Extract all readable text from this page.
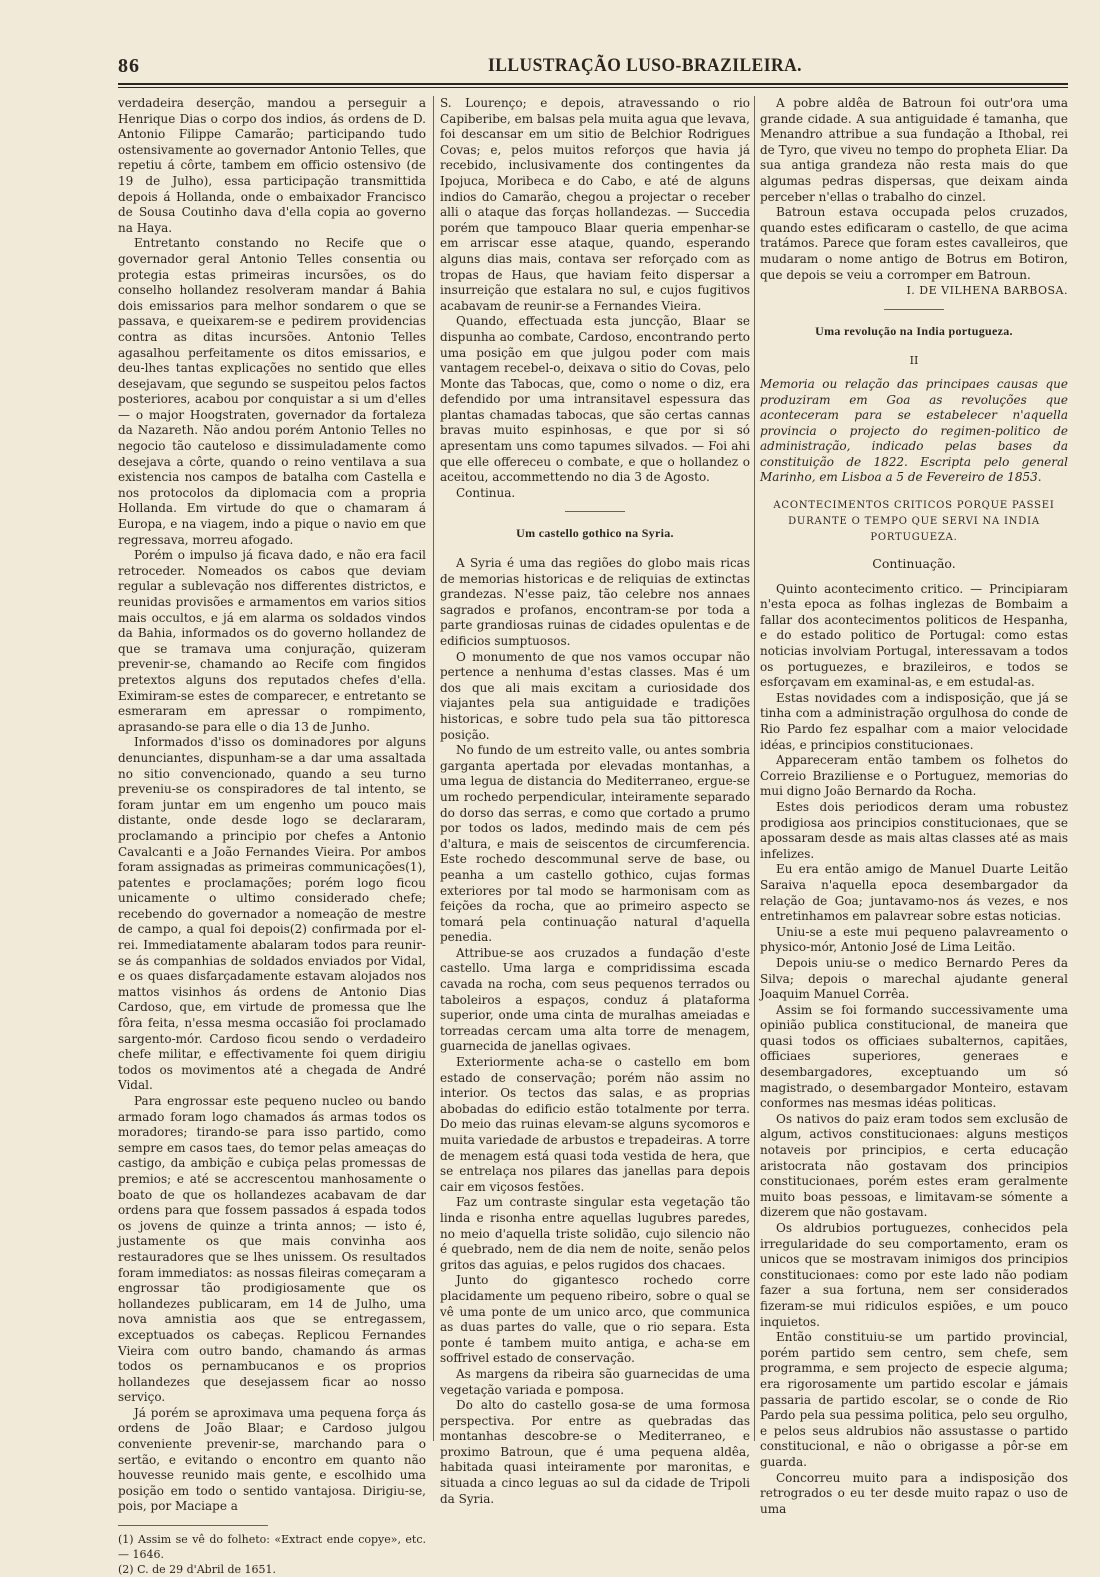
86	ILLUSTRAÇÃO LUSO-BRAZILEIRA.

verdadeira deserção, mandou a perseguir a Henrique Dias o corpo dos indios, ás ordens de D. Antonio Filippe Camarão; participando tudo ostensivamente ao governador Antonio Telles, que repetiu á côrte, tambem em officio ostensivo (de 19 de Julho), essa participação transmittida depois á Hollanda, onde o embaixador Francisco de Sousa Coutinho dava d'ella copia ao governo na Haya.

Entretanto constando no Recife que o governador geral Antonio Telles consentia ou protegia estas primeiras incursões, os do conselho hollandez resolveram mandar á Bahia dois emissarios para melhor sondarem o que se passava, e queixarem-se e pedirem providencias contra as ditas incursões. Antonio Telles agasalhou perfeitamente os ditos emissarios, e deu-lhes tantas explicações no sentido que elles desejavam, que segundo se suspeitou pelos factos posteriores, acabou por conquistar a si um d'elles — o major Hoogstraten, governador da fortaleza da Nazareth. Não andou porém Antonio Telles no negocio tão cauteloso e dissimuladamente como desejava a côrte, quando o reino ventilava a sua existencia nos campos de batalha com Castella e nos protocolos da diplomacia com a propria Hollanda. Em virtude do que o chamaram á Europa, e na viagem, indo a pique o navio em que regressava, morreu afogado.

Porém o impulso já ficava dado, e não era facil retroceder. Nomeados os cabos que deviam regular a sublevação nos differentes districtos, e reunidas provisões e armamentos em varios sitios mais occultos, e já em alarma os soldados vindos da Bahia, informados os do governo hollandez de que se tramava uma conjuração, quizeram prevenir-se, chamando ao Recife com fingidos pretextos alguns dos reputados chefes d'ella. Eximiram-se estes de comparecer, e entretanto se esmeraram em apressar o rompimento, aprasando-se para elle o dia 13 de Junho.

Informados d'isso os dominadores por alguns denunciantes, dispunham-se a dar uma assaltada no sitio convencionado, quando a seu turno preveniu-se os conspiradores de tal intento, se foram juntar em um engenho um pouco mais distante, onde desde logo se declararam, proclamando a principio por chefes a Antonio Cavalcanti e a João Fernandes Vieira. Por ambos foram assignadas as primeiras communicações(1), patentes e proclamações; porém logo ficou unicamente o ultimo considerado chefe; recebendo do governador a nomeação de mestre de campo, a qual foi depois(2) confirmada por el-rei. Immediatamente abalaram todos para reunir-se ás companhias de soldados enviados por Vidal, e os quaes disfarçadamente estavam alojados nos mattos visinhos ás ordens de Antonio Dias Cardoso, que, em virtude de promessa que lhe fôra feita, n'essa mesma occasião foi proclamado sargento-mór. Cardoso ficou sendo o verdadeiro chefe militar, e effectivamente foi quem dirigiu todos os movimentos até a chegada de André Vidal.

Para engrossar este pequeno nucleo ou bando armado foram logo chamados ás armas todos os moradores; tirando-se para isso partido, como sempre em casos taes, do temor pelas ameaças do castigo, da ambição e cubiça pelas promessas de premios; e até se accrescentou manhosamente o boato de que os hollandezes acabavam de dar ordens para que fossem passados á espada todos os jovens de quinze a trinta annos; — isto é, justamente os que mais convinha aos restauradores que se lhes unissem. Os resultados foram immediatos: as nossas fileiras começaram a engrossar tão prodigiosamente que os hollandezes publicaram, em 14 de Julho, uma nova amnistia aos que se entregassem, exceptuados os cabeças. Replicou Fernandes Vieira com outro bando, chamando ás armas todos os pernambucanos e os proprios hollandezes que desejassem ficar ao nosso serviço.

Já porém se aproximava uma pequena força ás ordens de João Blaar; e Cardoso julgou conveniente prevenir-se, marchando para o sertão, e evitando o encontro em quanto não houvesse reunido mais gente, e escolhido uma posição em todo o sentido vantajosa. Dirigiu-se, pois, por Maciape a

(1) Assim se vê do folheto: «Extract ende copye», etc. — 1646.

(2) C. de 29 d'Abril de 1651.

S. Lourenço; e depois, atravessando o rio Capiberibe, em balsas pela muita agua que levava, foi descansar em um sitio de Belchior Rodrigues Covas; e, pelos muitos reforços que havia já recebido, inclusivamente dos contingentes da Ipojuca, Moribeca e do Cabo, e até de alguns indios do Camarão, chegou a projectar o receber alli o ataque das forças hollandezas. — Succedia porém que tampouco Blaar queria empenhar-se em arriscar esse ataque, quando, esperando alguns dias mais, contava ser reforçado com as tropas de Haus, que haviam feito dispersar a insurreição que estalara no sul, e cujos fugitivos acabavam de reunir-se a Fernandes Vieira.

Quando, effectuada esta juncção, Blaar se dispunha ao combate, Cardoso, encontrando perto uma posição em que julgou poder com mais vantagem recebel-o, deixava o sitio do Covas, pelo Monte das Tabocas, que, como o nome o diz, era defendido por uma intransitavel espessura das plantas chamadas tabocas, que são certas cannas bravas muito espinhosas, e que por si só apresentam uns como tapumes silvados. — Foi ahi que elle offereceu o combate, e que o hollandez o aceitou, accommettendo no dia 3 de Agosto.

Continua.

Um castello gothico na Syria.

A Syria é uma das regiões do globo mais ricas de memorias historicas e de reliquias de extinctas grandezas. N'esse paiz, tão celebre nos annaes sagrados e profanos, encontram-se por toda a parte grandiosas ruinas de cidades opulentas e de edificios sumptuosos.

O monumento de que nos vamos occupar não pertence a nenhuma d'estas classes. Mas é um dos que ali mais excitam a curiosidade dos viajantes pela sua antiguidade e tradições historicas, e sobre tudo pela sua tão pittoresca posição.

No fundo de um estreito valle, ou antes sombria garganta apertada por elevadas montanhas, a uma legua de distancia do Mediterraneo, ergue-se um rochedo perpendicular, inteiramente separado do dorso das serras, e como que cortado a prumo por todos os lados, medindo mais de cem pés d'altura, e mais de seiscentos de circumferencia. Este rochedo descommunal serve de base, ou peanha a um castello gothico, cujas formas exteriores por tal modo se harmonisam com as feições da rocha, que ao primeiro aspecto se tomará pela continuação natural d'aquella penedia.

Attribue-se aos cruzados a fundação d'este castello. Uma larga e compridissima escada cavada na rocha, com seus pequenos terrados ou taboleiros a espaços, conduz á plataforma superior, onde uma cinta de muralhas ameiadas e torreadas cercam uma alta torre de menagem, guarnecida de janellas ogivaes.

Exteriormente acha-se o castello em bom estado de conservação; porém não assim no interior. Os tectos das salas, e as proprias abobadas do edificio estão totalmente por terra. Do meio das ruinas elevam-se alguns sycomoros e muita variedade de arbustos e trepadeiras. A torre de menagem está quasi toda vestida de hera, que se entrelaça nos pilares das janellas para depois cair em viçosos festões.

Faz um contraste singular esta vegetação tão linda e risonha entre aquellas lugubres paredes, no meio d'aquella triste solidão, cujo silencio não é quebrado, nem de dia nem de noite, senão pelos gritos das aguias, e pelos rugidos dos chacaes.

Junto do gigantesco rochedo corre placidamente um pequeno ribeiro, sobre o qual se vê uma ponte de um unico arco, que communica as duas partes do valle, que o rio separa. Esta ponte é tambem muito antiga, e acha-se em soffrivel estado de conservação.

As margens da ribeira são guarnecidas de uma vegetação variada e pomposa.

Do alto do castello gosa-se de uma formosa perspectiva. Por entre as quebradas das montanhas descobre-se o Mediterraneo, e proximo Batroun, que é uma pequena aldêa, habitada quasi inteiramente por maronitas, e situada a cinco leguas ao sul da cidade de Tripoli da Syria.

A pobre aldêa de Batroun foi outr'ora uma grande cidade. A sua antiguidade é tamanha, que Menandro attribue a sua fundação a Ithobal, rei de Tyro, que viveu no tempo do propheta Eliar. Da sua antiga grandeza não resta mais do que algumas pedras dispersas, que deixam ainda perceber n'ellas o trabalho do cinzel.

Batroun estava occupada pelos cruzados, quando estes edificaram o castello, de que acima tratámos. Parece que foram estes cavalleiros, que mudaram o nome antigo de Botrus em Botiron, que depois se veiu a corromper em Batroun.

I. DE VILHENA BARBOSA.

Uma revolução na India portugueza.
II

Memoria ou relação das principaes causas que produziram em Goa as revoluções que aconteceram para se estabelecer n'aquella provincia o projecto do regimen-politico de administração, indicado pelas bases da constituição de 1822. Escripta pelo general Marinho, em Lisboa a 5 de Fevereiro de 1853.

ACONTECIMENTOS CRITICOS PORQUE PASSEI DURANTE O TEMPO QUE SERVI NA INDIA PORTUGUEZA.

Continuação.

Quinto acontecimento critico. — Principiaram n'esta epoca as folhas inglezas de Bombaim a fallar dos acontecimentos politicos de Hespanha, e do estado politico de Portugal: como estas noticias involviam Portugal, interessavam a todos os portuguezes, e brazileiros, e todos se esforçavam em examinal-as, e em estudal-as.

Estas novidades com a indisposição, que já se tinha com a administração orgulhosa do conde de Rio Pardo fez espalhar com a maior velocidade idéas, e principios constitucionaes.

Appareceram então tambem os folhetos do Correio Braziliense e o Portuguez, memorias do mui digno João Bernardo da Rocha.

Estes dois periodicos deram uma robustez prodigiosa aos principios constitucionaes, que se apossaram desde as mais altas classes até as mais infelizes.

Eu era então amigo de Manuel Duarte Leitão Saraiva n'aquella epoca desembargador da relação de Goa; juntavamo-nos ás vezes, e nos entretinhamos em palavrear sobre estas noticias.

Uniu-se a este mui pequeno palavreamento o physico-mór, Antonio José de Lima Leitão.

Depois uniu-se o medico Bernardo Peres da Silva; depois o marechal ajudante general Joaquim Manuel Corrêa.

Assim se foi formando successivamente uma opinião publica constitucional, de maneira que quasi todos os officiaes subalternos, capitães, officiaes superiores, generaes e desembargadores, exceptuando um só magistrado, o desembargador Monteiro, estavam conformes nas mesmas idéas politicas.

Os nativos do paiz eram todos sem exclusão de algum, activos constitucionaes: alguns mestiços notaveis por principios, e certa educação aristocrata não gostavam dos principios constitucionaes, porém estes eram geralmente muito boas pessoas, e limitavam-se sómente a dizerem que não gostavam.

Os aldrubios portuguezes, conhecidos pela irregularidade do seu comportamento, eram os unicos que se mostravam inimigos dos principios constitucionaes: como por este lado não podiam fazer a sua fortuna, nem ser considerados fizeram-se mui ridiculos espiões, e um pouco inquietos.

Então constituiu-se um partido provincial, porém partido sem centro, sem chefe, sem programma, e sem projecto de especie alguma; era rigorosamente um partido escolar e jámais passaria de partido escolar, se o conde de Rio Pardo pela sua pessima politica, pelo seu orgulho, e pelos seus aldrubios não assustasse o partido constitucional, e não o obrigasse a pôr-se em guarda.

Concorreu muito para a indisposição dos retrogrados o eu ter desde muito rapaz o uso de uma
